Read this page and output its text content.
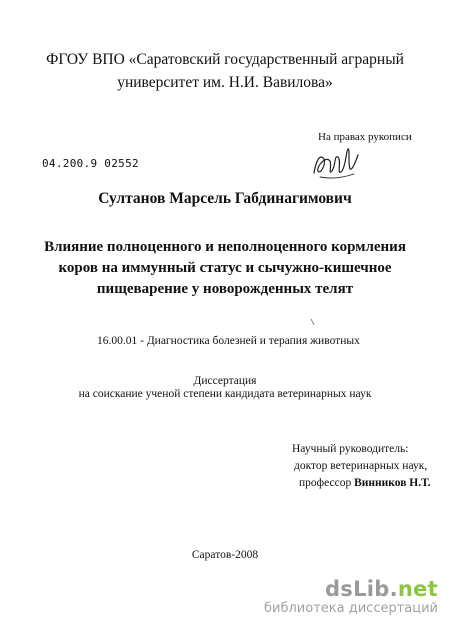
ФГОУ ВПО «Саратовский государственный аграрный
университет им. Н.И. Вавилова»
На правах рукописи
04.200.9 02552
Султанов Марсель Габдинагимович
Влияние полноценного и неполноценного кормления
коров на иммунный статус и сычужно-кишечное
пищеварение у новорожденных телят
16.00.01 - Диагностика болезней и терапия животных
Диссертация
на соискание ученой степени кандидата ветеринарных наук
Научный руководитель:
доктор ветеринарных наук,
профессор Винников Н.Т.
Саратов-2008
dsLib.net
библиотека диссертаций
